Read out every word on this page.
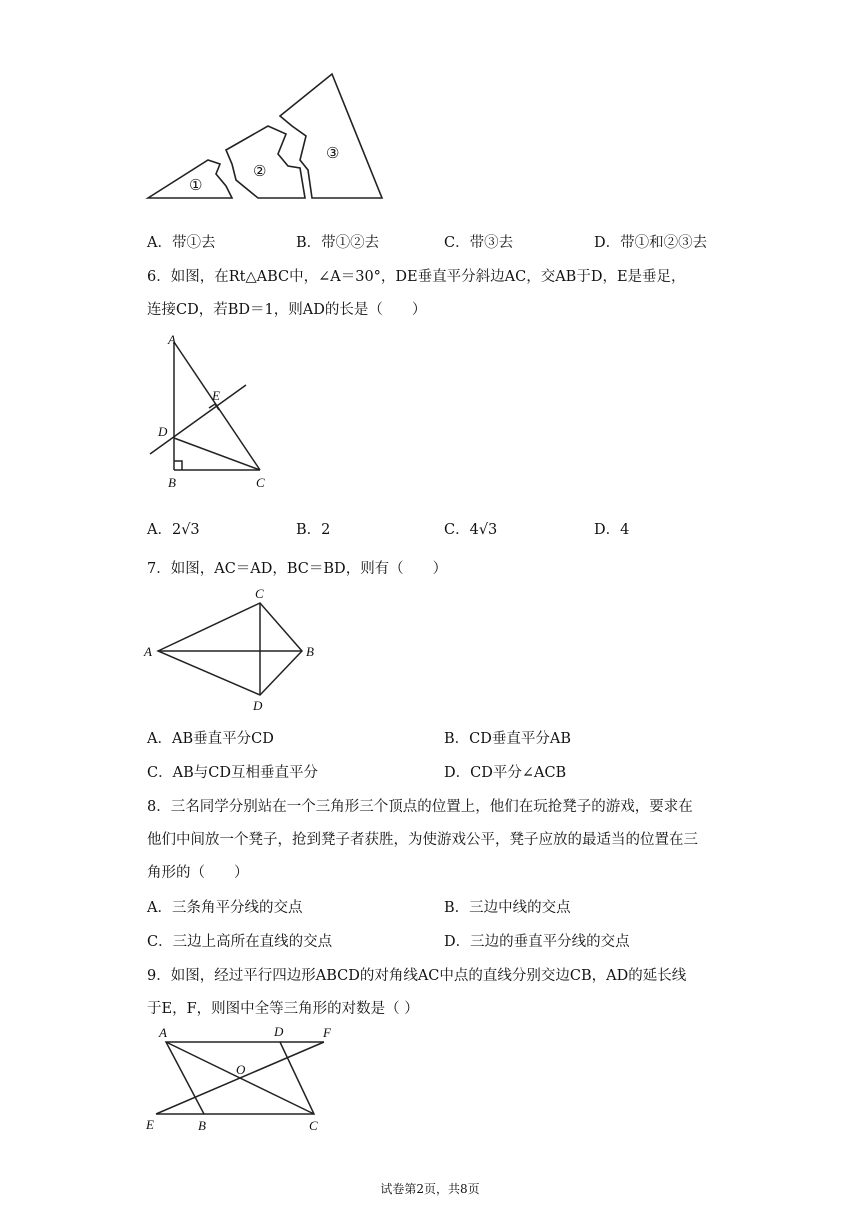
①
②
③
A．带①去	B．带①②去	C．带③去	D．带①和②③去
6．如图，在Rt△ABC中，∠A＝30°，DE垂直平分斜边AC，交AB于D，E是垂足，
连接CD，若BD＝1，则AD的长是（　　）
A
E
D
B	C
A．2√3	B．2	C．4√3	D．4
7．如图，AC＝AD，BC＝BD，则有（　　）
C
A	B
D
A．AB垂直平分CD	B．CD垂直平分AB
C．AB与CD互相垂直平分	D．CD平分∠ACB
8．三名同学分别站在一个三角形三个顶点的位置上，他们在玩抢凳子的游戏，要求在
他们中间放一个凳子，抢到凳子者获胜，为使游戏公平，凳子应放的最适当的位置在三
角形的（　　）
A．三条角平分线的交点	B．三边中线的交点
C．三边上高所在直线的交点	D．三边的垂直平分线的交点
9．如图，经过平行四边形ABCD的对角线AC中点的直线分别交边CB，AD的延长线
于E，F，则图中全等三角形的对数是（ ）
A	D	F
O
E	B	C
试卷第2页，共8页
